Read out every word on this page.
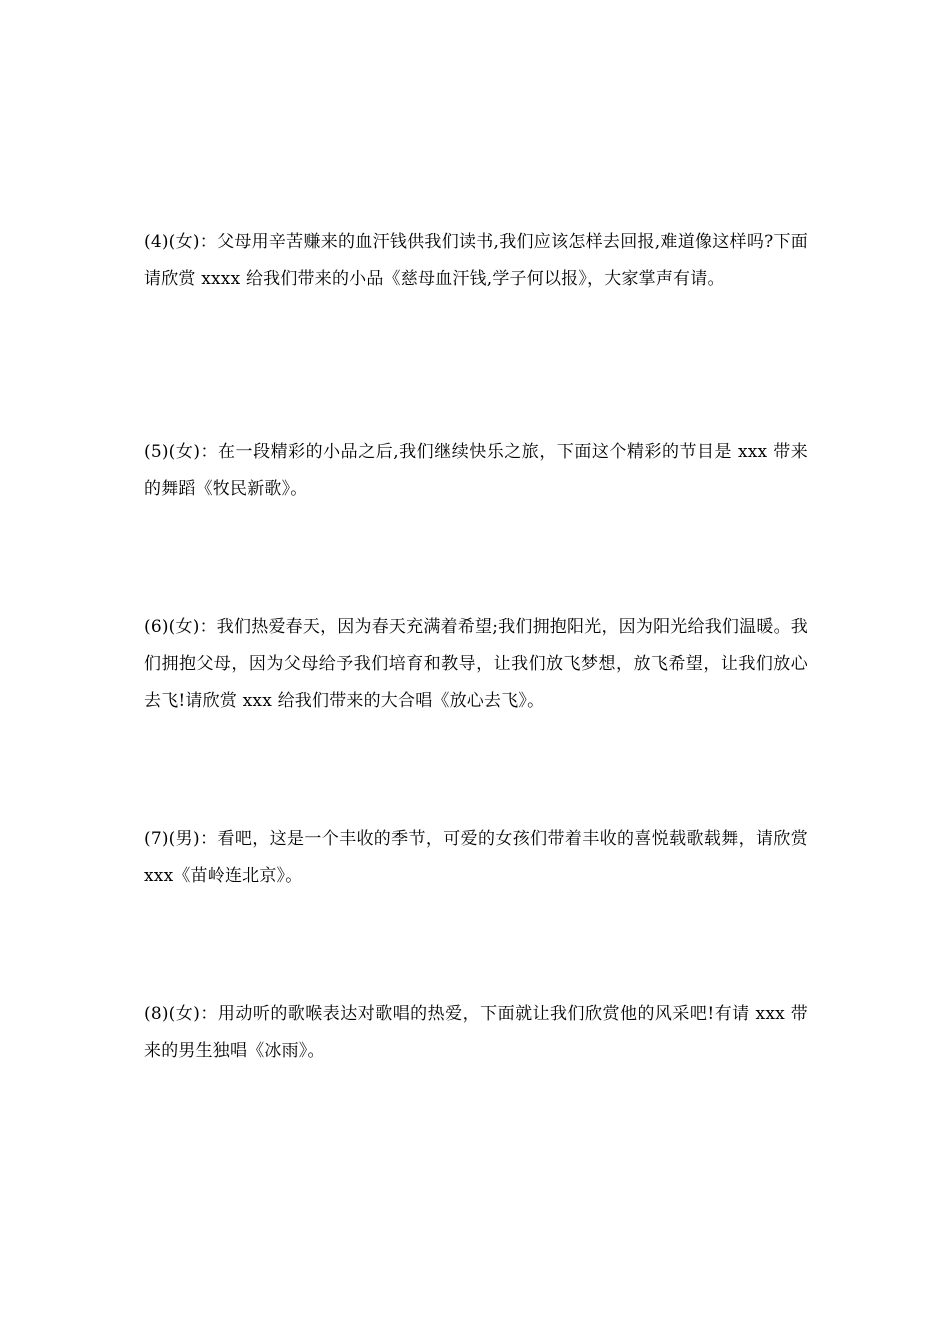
(4)(女)：父母用辛苦赚来的血汗钱供我们读书,我们应该怎样去回报,难道像这样吗?下面请欣赏 xxxx 给我们带来的小品《慈母血汗钱,学子何以报》，大家掌声有请。

(5)(女)：在一段精彩的小品之后,我们继续快乐之旅，下面这个精彩的节目是 xxx 带来的舞蹈《牧民新歌》。

(6)(女)：我们热爱春天，因为春天充满着希望;我们拥抱阳光，因为阳光给我们温暖。我们拥抱父母，因为父母给予我们培育和教导，让我们放飞梦想，放飞希望，让我们放心去飞!请欣赏 xxx 给我们带来的大合唱《放心去飞》。

(7)(男)：看吧，这是一个丰收的季节，可爱的女孩们带着丰收的喜悦载歌载舞，请欣赏 xxx《苗岭连北京》。

(8)(女)：用动听的歌喉表达对歌唱的热爱，下面就让我们欣赏他的风采吧!有请 xxx 带来的男生独唱《冰雨》。
